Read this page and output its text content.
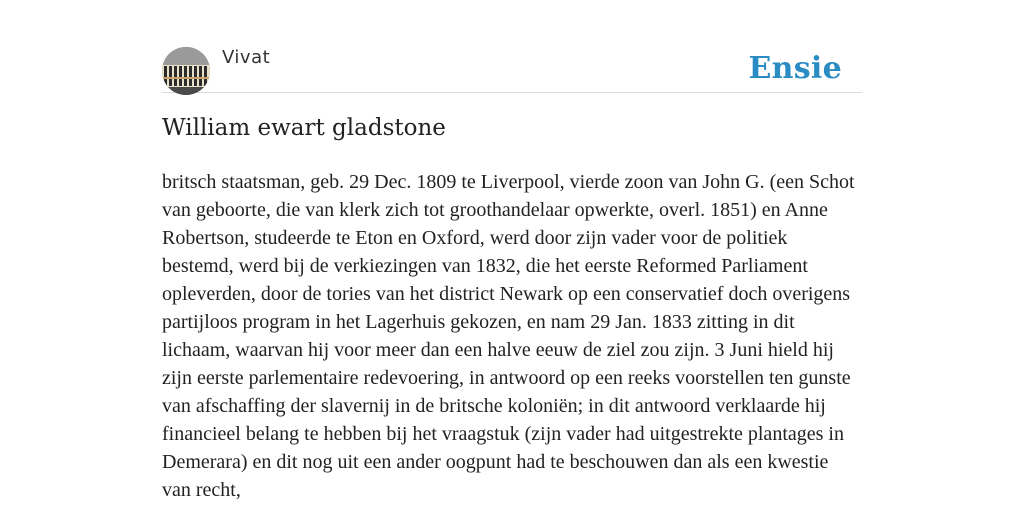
Vivat	Ensie
William ewart gladstone

britsch staatsman, geb. 29 Dec. 1809 te Liverpool, vierde zoon van John G. (een Schot van geboorte, die van klerk zich tot groothandelaar opwerkte, overl. 1851) en Anne Robertson, studeerde te Eton en Oxford, werd door zijn vader voor de politiek bestemd, werd bij de verkiezingen van 1832, die het eerste Reformed Parliament opleverden, door de tories van het district Newark op een conservatief doch overigens partijloos program in het Lagerhuis gekozen, en nam 29 Jan. 1833 zitting in dit lichaam, waarvan hij voor meer dan een halve eeuw de ziel zou zijn. 3 Juni hield hij zijn eerste parlementaire redevoering, in antwoord op een reeks voorstellen ten gunste van afschaffing der slavernij in de britsche koloniën; in dit antwoord verklaarde hij financieel belang te hebben bij het vraagstuk (zijn vader had uitgestrekte plantages in Demerara) en dit nog uit een ander oogpunt had te beschouwen dan als een kwestie van recht,
